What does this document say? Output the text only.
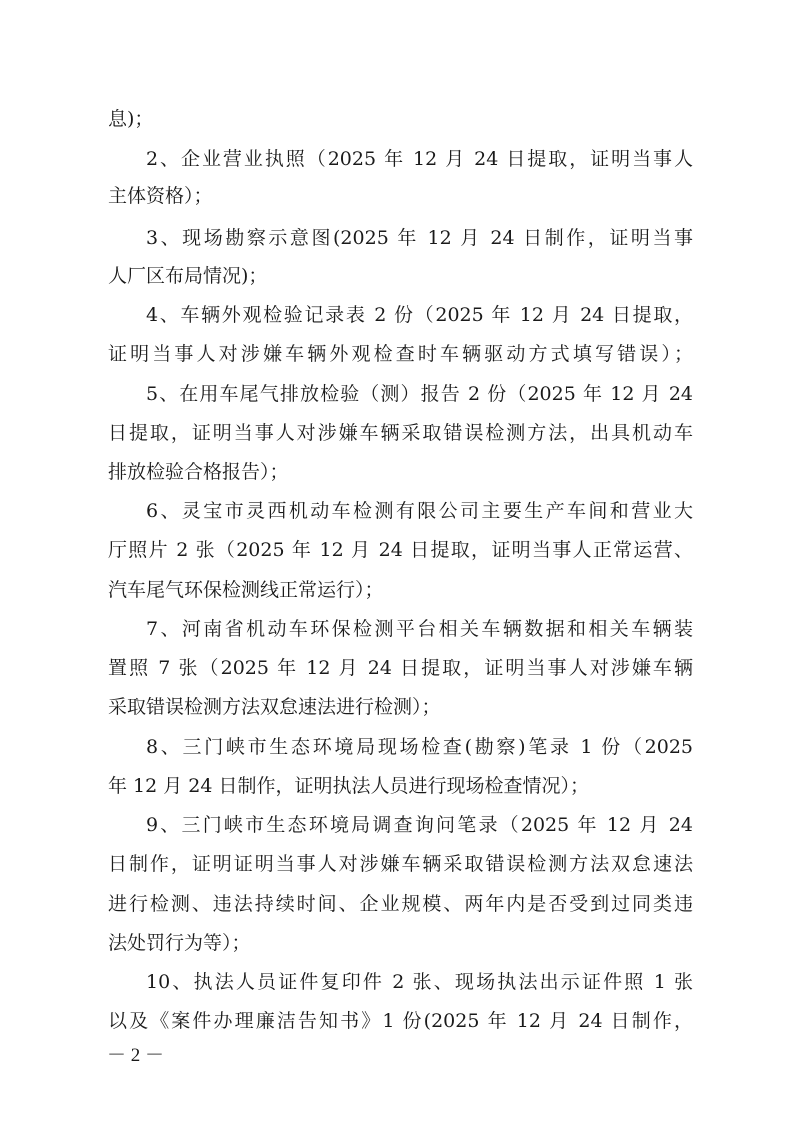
息)；
2、企业营业执照（2025 年 12 月 24 日提取，证明当事人
主体资格）；
3、现场勘察示意图(2025 年 12 月 24 日制作，证明当事
人厂区布局情况)；
4、车辆外观检验记录表 2 份（2025 年 12 月 24 日提取，
证明当事人对涉嫌车辆外观检查时车辆驱动方式填写错误）；
5、在用车尾气排放检验（测）报告 2 份（2025 年 12 月 24
日提取，证明当事人对涉嫌车辆采取错误检测方法，出具机动车
排放检验合格报告）；
6、灵宝市灵西机动车检测有限公司主要生产车间和营业大
厅照片 2 张（2025 年 12 月 24 日提取，证明当事人正常运营、
汽车尾气环保检测线正常运行）；
7、河南省机动车环保检测平台相关车辆数据和相关车辆装
置照 7 张（2025 年 12 月 24 日提取，证明当事人对涉嫌车辆
采取错误检测方法双怠速法进行检测）；
8、三门峡市生态环境局现场检查(勘察)笔录 1 份（2025
年 12 月 24 日制作，证明执法人员进行现场检查情况）；
9、三门峡市生态环境局调查询问笔录（2025 年 12 月 24
日制作，证明证明当事人对涉嫌车辆采取错误检测方法双怠速法
进行检测、违法持续时间、企业规模、两年内是否受到过同类违
法处罚行为等）；
10、执法人员证件复印件 2 张、现场执法出示证件照 1 张
以及《案件办理廉洁告知书》1 份(2025 年 12 月 24 日制作，
－ 2 －
